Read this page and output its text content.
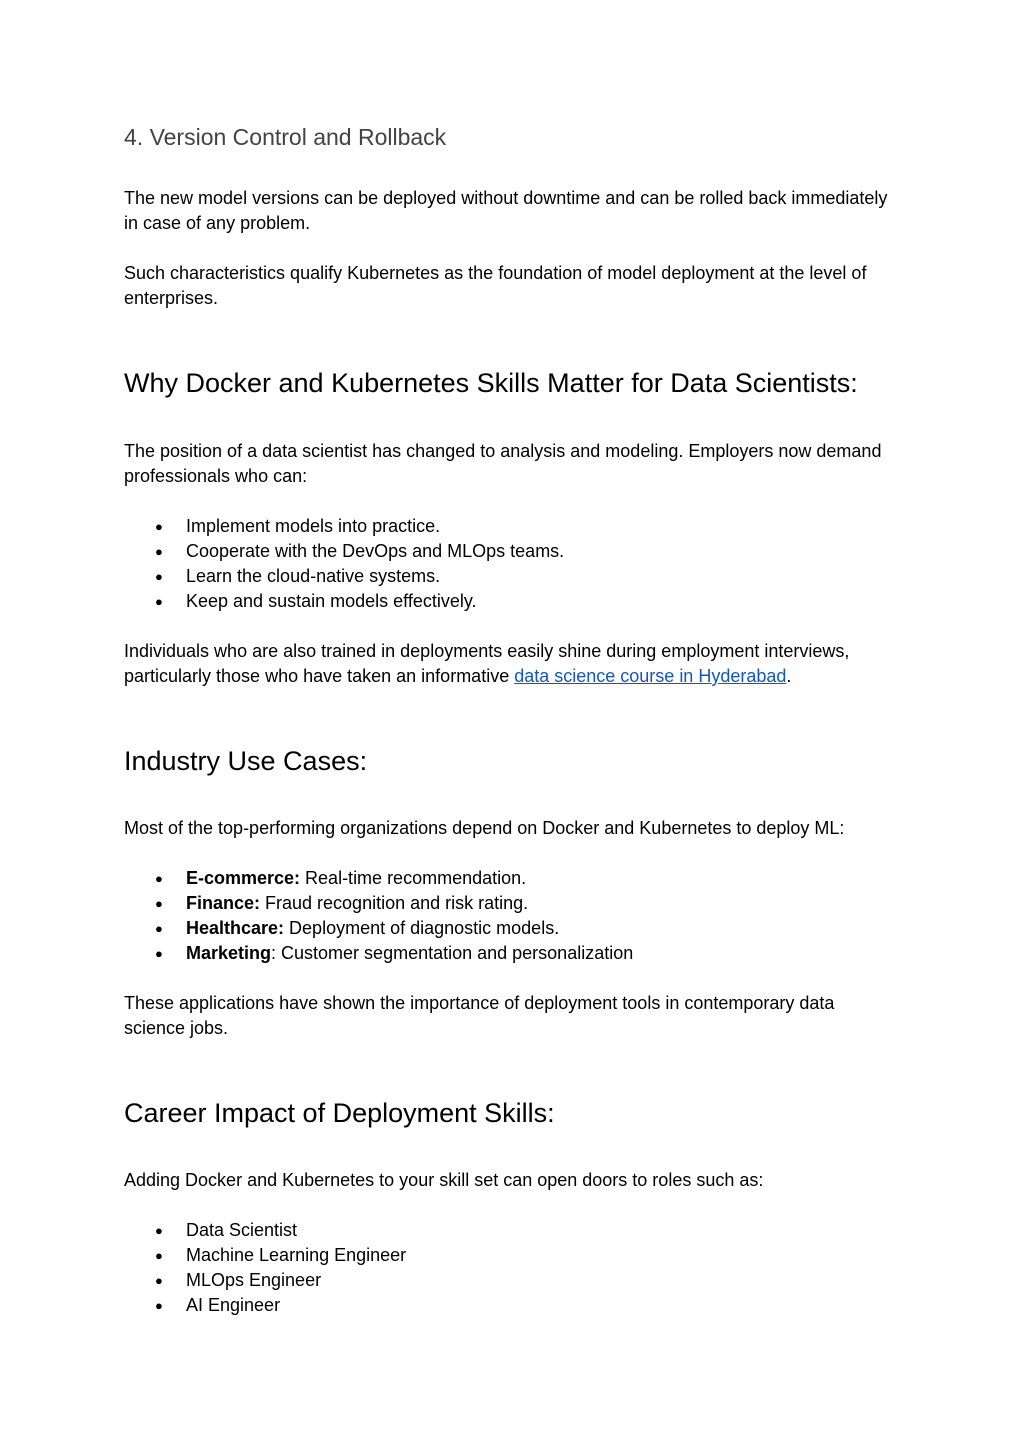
4. Version Control and Rollback

The new model versions can be deployed without downtime and can be rolled back immediately in case of any problem.

Such characteristics qualify Kubernetes as the foundation of model deployment at the level of enterprises.

Why Docker and Kubernetes Skills Matter for Data Scientists:

The position of a data scientist has changed to analysis and modeling. Employers now demand professionals who can:

● Implement models into practice.
● Cooperate with the DevOps and MLOps teams.
● Learn the cloud-native systems.
● Keep and sustain models effectively.

Individuals who are also trained in deployments easily shine during employment interviews, particularly those who have taken an informative data science course in Hyderabad.

Industry Use Cases:

Most of the top-performing organizations depend on Docker and Kubernetes to deploy ML:

● E-commerce: Real-time recommendation.
● Finance: Fraud recognition and risk rating.
● Healthcare: Deployment of diagnostic models.
● Marketing: Customer segmentation and personalization

These applications have shown the importance of deployment tools in contemporary data science jobs.

Career Impact of Deployment Skills:

Adding Docker and Kubernetes to your skill set can open doors to roles such as:

● Data Scientist
● Machine Learning Engineer
● MLOps Engineer
● AI Engineer
